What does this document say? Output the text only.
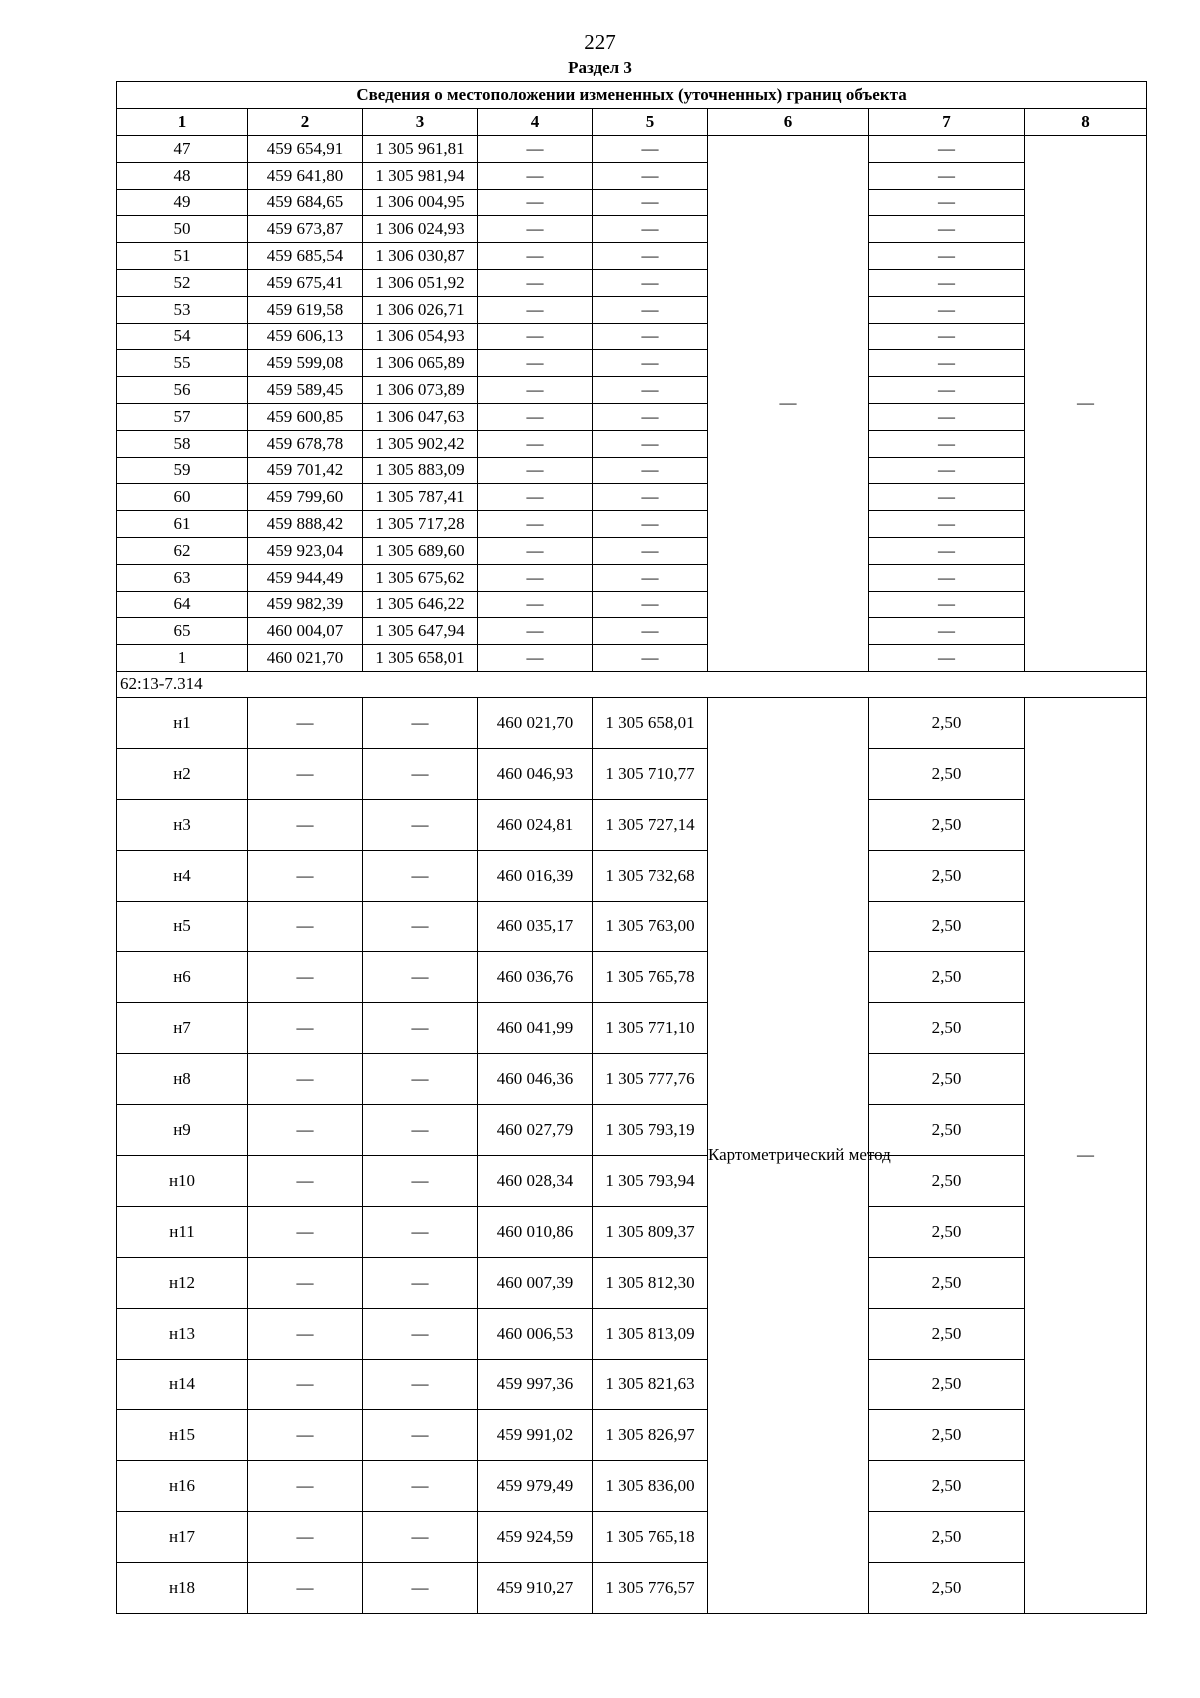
227
Раздел 3
Сведения о местоположении измененных (уточненных) границ объекта							
1	2	3	4	5	6	7	8
47	459 654,91	1 305 961,81	—	—	—	—	—
48	459 641,80	1 305 981,94	—	—		—	
49	459 684,65	1 306 004,95	—	—		—	
50	459 673,87	1 306 024,93	—	—		—	
51	459 685,54	1 306 030,87	—	—		—	
52	459 675,41	1 306 051,92	—	—		—	
53	459 619,58	1 306 026,71	—	—		—	
54	459 606,13	1 306 054,93	—	—		—	
55	459 599,08	1 306 065,89	—	—		—	
56	459 589,45	1 306 073,89	—	—		—	
57	459 600,85	1 306 047,63	—	—		—	
58	459 678,78	1 305 902,42	—	—		—	
59	459 701,42	1 305 883,09	—	—		—	
60	459 799,60	1 305 787,41	—	—		—	
61	459 888,42	1 305 717,28	—	—		—	
62	459 923,04	1 305 689,60	—	—		—	
63	459 944,49	1 305 675,62	—	—		—	
64	459 982,39	1 305 646,22	—	—		—	
65	460 004,07	1 305 647,94	—	—		—	
1	460 021,70	1 305 658,01	—	—		—	
62:13-7.314							
н1	—	—	460 021,70	1 305 658,01	Картометрический метод	2,50	—
н2	—	—	460 046,93	1 305 710,77		2,50	
н3	—	—	460 024,81	1 305 727,14		2,50	
н4	—	—	460 016,39	1 305 732,68		2,50	
н5	—	—	460 035,17	1 305 763,00		2,50	
н6	—	—	460 036,76	1 305 765,78		2,50	
н7	—	—	460 041,99	1 305 771,10		2,50	
н8	—	—	460 046,36	1 305 777,76		2,50	
н9	—	—	460 027,79	1 305 793,19		2,50	
н10	—	—	460 028,34	1 305 793,94		2,50	
н11	—	—	460 010,86	1 305 809,37		2,50	
н12	—	—	460 007,39	1 305 812,30		2,50	
н13	—	—	460 006,53	1 305 813,09		2,50	
н14	—	—	459 997,36	1 305 821,63		2,50	
н15	—	—	459 991,02	1 305 826,97		2,50	
н16	—	—	459 979,49	1 305 836,00		2,50	
н17	—	—	459 924,59	1 305 765,18		2,50	
н18	—	—	459 910,27	1 305 776,57		2,50	
